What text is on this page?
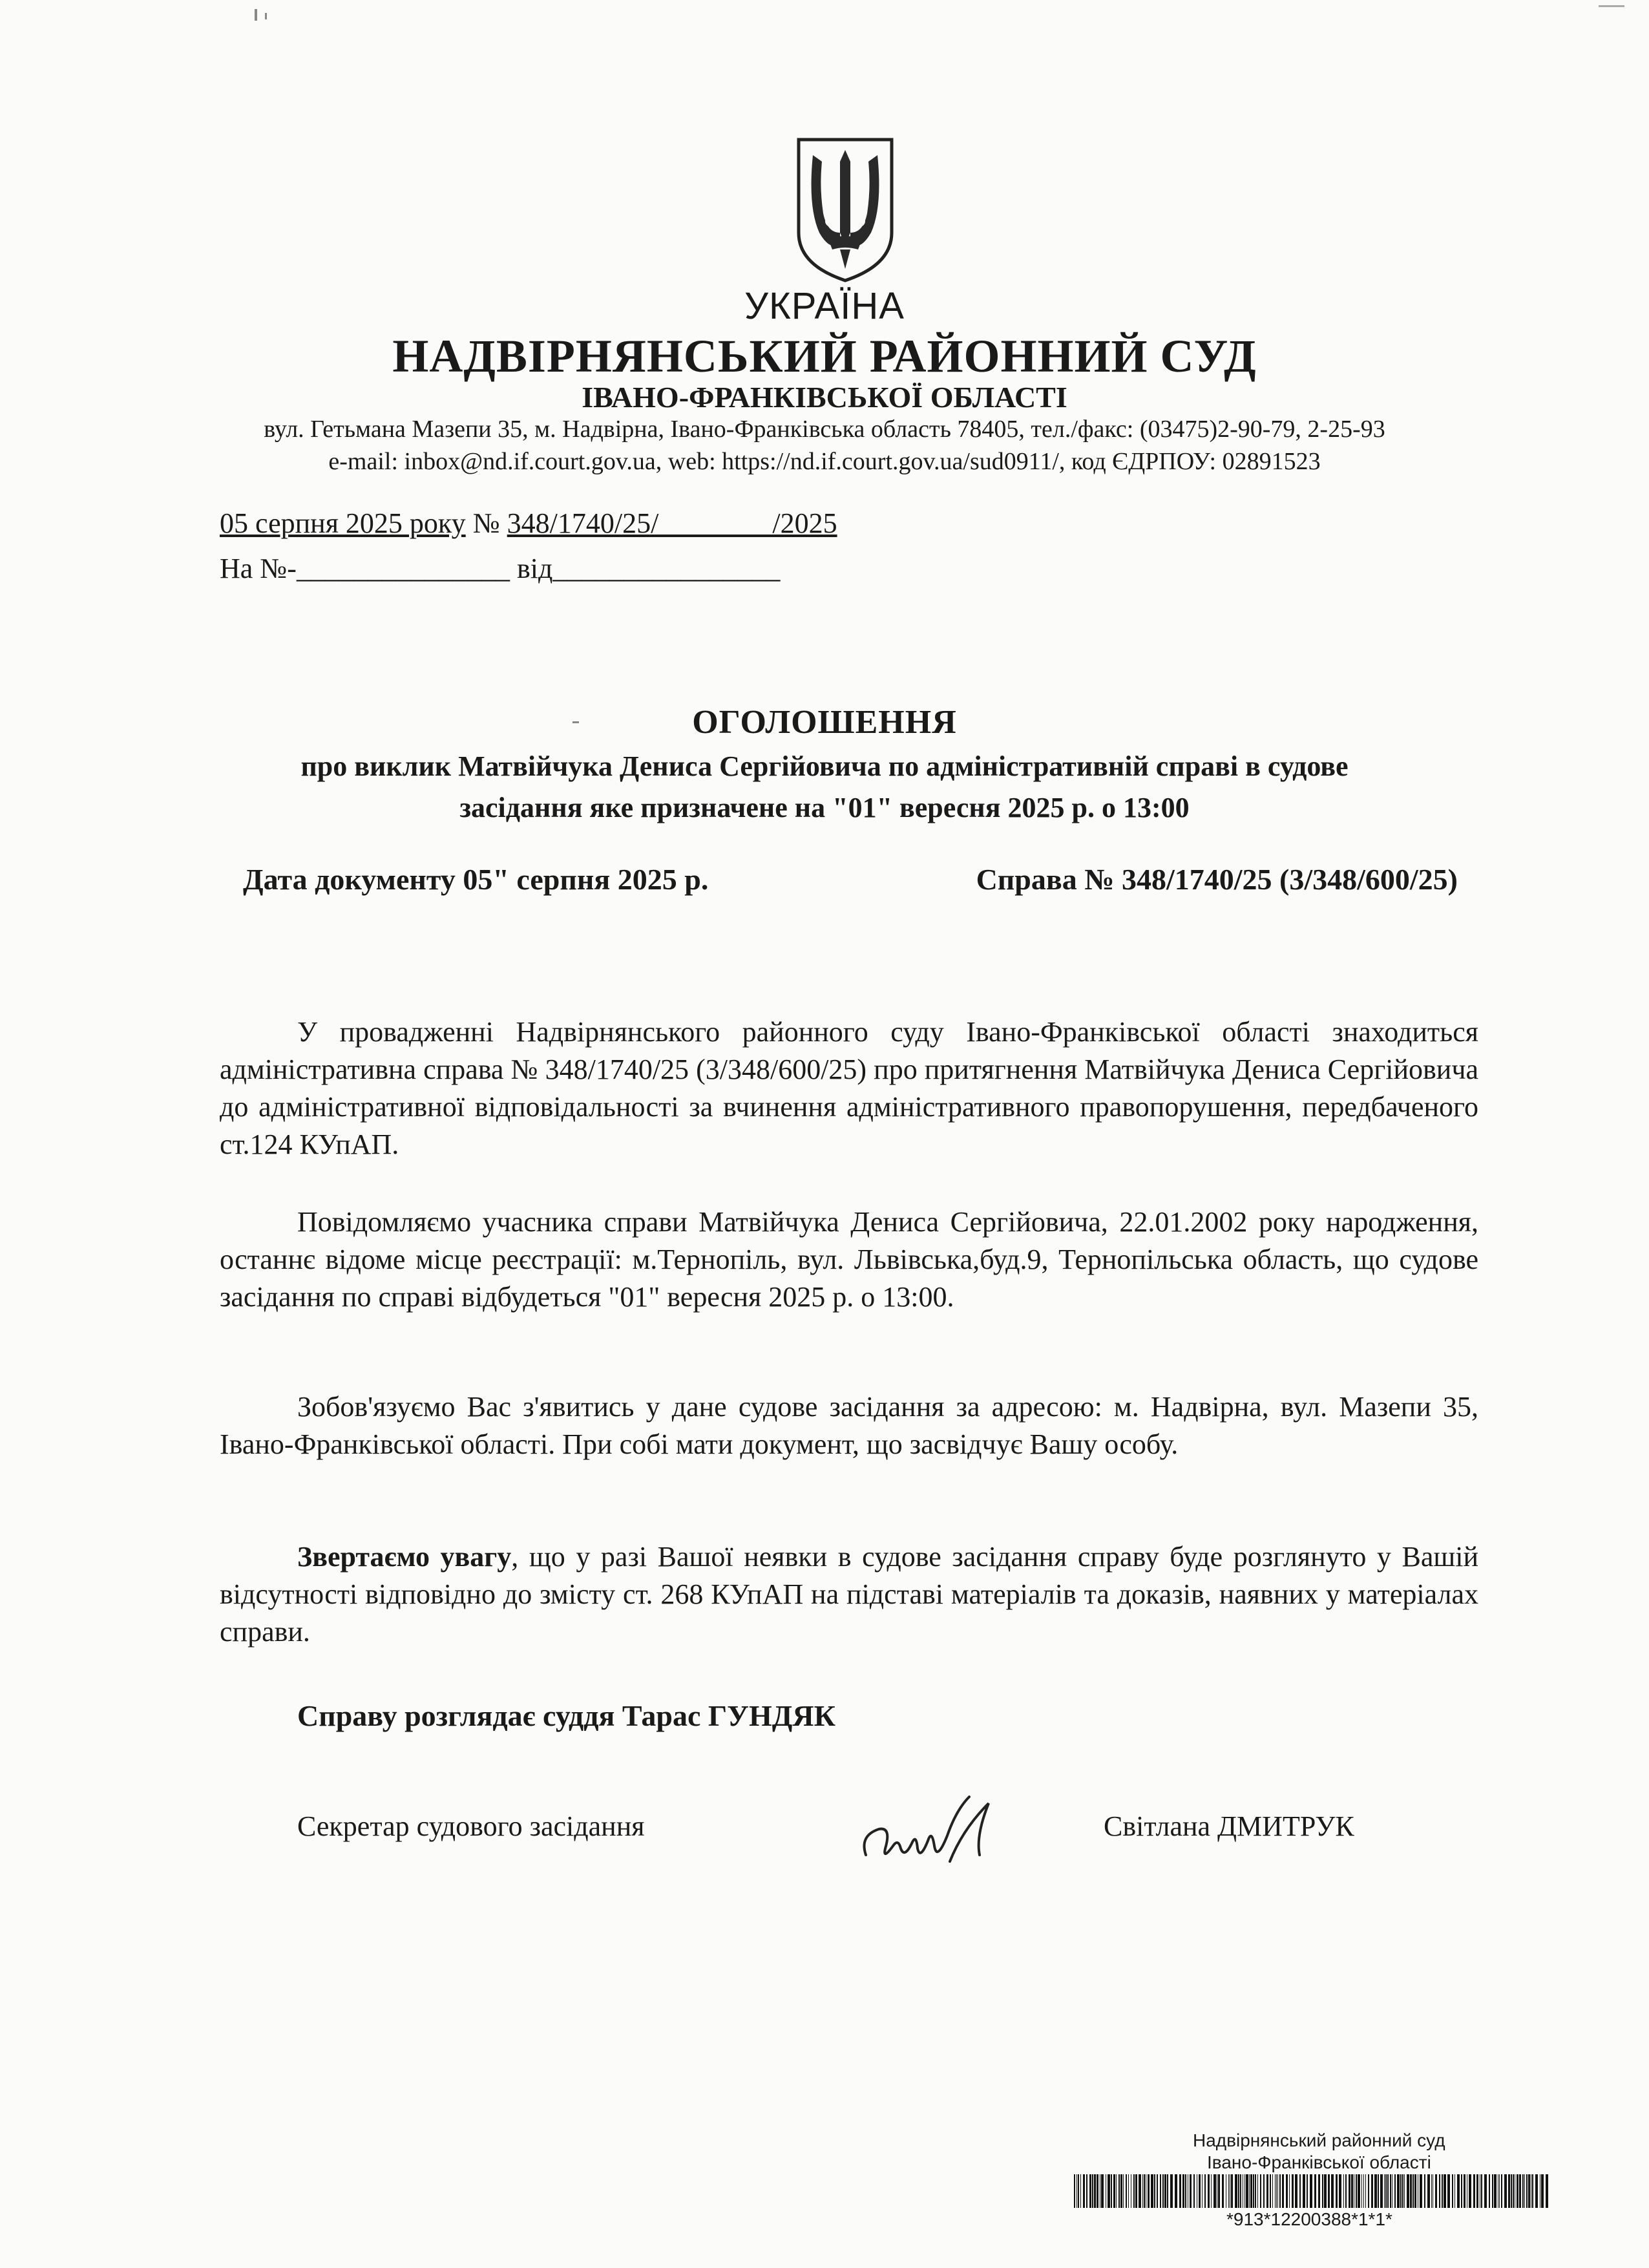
УКРАЇНА
НАДВІРНЯНСЬКИЙ РАЙОННИЙ СУД
ІВАНО-ФРАНКІВСЬКОЇ ОБЛАСТІ
вул. Гетьмана Мазепи 35, м. Надвірна, Івано-Франківська область 78405, тел./факс: (03475)2-90-79, 2-25-93
e-mail: inbox@nd.if.court.gov.ua, web: https://nd.if.court.gov.ua/sud0911/, код ЄДРПОУ: 02891523
05 серпня 2025 року № 348/1740/25/________/2025
На №-_______________ від________________
ОГОЛОШЕННЯ
про виклик Матвійчука Дениса Сергійовича по адміністративній справі в судове
засідання яке призначене на "01" вересня 2025 р. о 13:00
Дата документу 05" серпня 2025 р.	Справа № 348/1740/25 (3/348/600/25)
У провадженні Надвірнянського районного суду Івано-Франківської області знаходиться адміністративна справа № 348/1740/25 (3/348/600/25) про притягнення Матвійчука Дениса Сергійовича до адміністративної відповідальності за вчинення адміністративного правопорушення, передбаченого ст.124 КУпАП.
Повідомляємо учасника справи Матвійчука Дениса Сергійовича, 22.01.2002 року народження, останнє відоме місце реєстрації: м.Тернопіль, вул. Львівська,буд.9, Тернопільська область, що судове засідання по справі відбудеться "01" вересня 2025 р. о 13:00.
Зобов'язуємо Вас з'явитись у дане судове засідання за адресою: м. Надвірна, вул. Мазепи 35, Івано-Франківської області. При собі мати документ, що засвідчує Вашу особу.
Звертаємо увагу, що у разі Вашої неявки в судове засідання справу буде розглянуто у Вашій відсутності відповідно до змісту ст. 268 КУпАП на підставі матеріалів та доказів, наявних у матеріалах справи.
Справу розглядає суддя Тарас ГУНДЯК
Секретар судового засідання	Світлана ДМИТРУК
Надвірнянський районний суд
Івано-Франківської області
*913*12200388*1*1*
